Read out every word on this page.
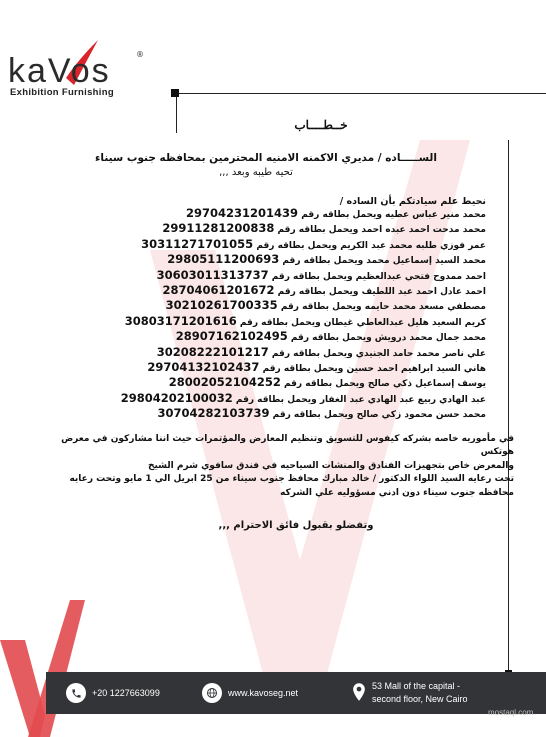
kaVos	®
Exhibition Furnishing
خــطــــاب
الســـــاده / مديري الاكمنه الامنيه المحترمين بمحافظه جنوب سيناء
تحيه طيبه وبعد ,,,
نحيط علم سيادتكم بأن الساده /
محمد منير عباس عطيه ويحمل بطاقه رقم 29704231201439
محمد مدحت احمد عبده احمد ويحمل بطاقه رقم 29911281200838
عمر فوزي طلبه محمد عبد الكريم ويحمل بطاقه رقم 30311271701055
محمد السيد إسماعيل محمد ويحمل بطاقه رقم 29805111200693
احمد ممدوح فتحي عبدالعظيم ويحمل بطاقه رقم 30603011313737
احمد عادل احمد عبد اللطيف ويحمل بطاقه رقم 28704061201672
مصطفي مسعد محمد حايمه ويحمل بطاقه رقم 30210261700335
كريم السعيد هليل عبدالعاطي غيطان ويحمل بطاقه رقم 30803171201616
محمد جمال محمد درويش ويحمل بطاقه رقم 28907162102495
علي ناصر محمد حامد الجنيدي ويحمل بطاقه رقم 30208222101217
هاني السيد ابراهيم احمد حسين ويحمل بطاقه رقم 29704132102437
يوسف إسماعيل ذكي صالح ويحمل بطاقه رقم 28002052104252
عبد الهادي ربيع عبد الهادي عبد الغفار ويحمل بطاقه رقم 29804202100032
محمد حسن محمود زكي صالح ويحمل بطاقه رقم 30704282103739

في مأموريه خاصه بشركه كيفوس للتسويق وتنظيم المعارض والمؤتمرات حيث اننا مشاركون في معرض هوتكس

والمعرض خاص بتجهيزات الفنادق والمنشات السياحيه في فندق سافوي شرم الشيخ

تحت رعايه السيد اللواء الدكتور / خالد مبارك محافظ جنوب سيناء من 25 ابريل الي 1 مايو وتحت رعايه محافظه جنوب سيناء دون ادني مسؤوليه علي الشركه

وتفضلو بقبول فائق الاحترام ,,,
+20 1227663099	www.kavoseg.net
53 Mall of the capital -
second floor, New Cairo
mostaql.com
